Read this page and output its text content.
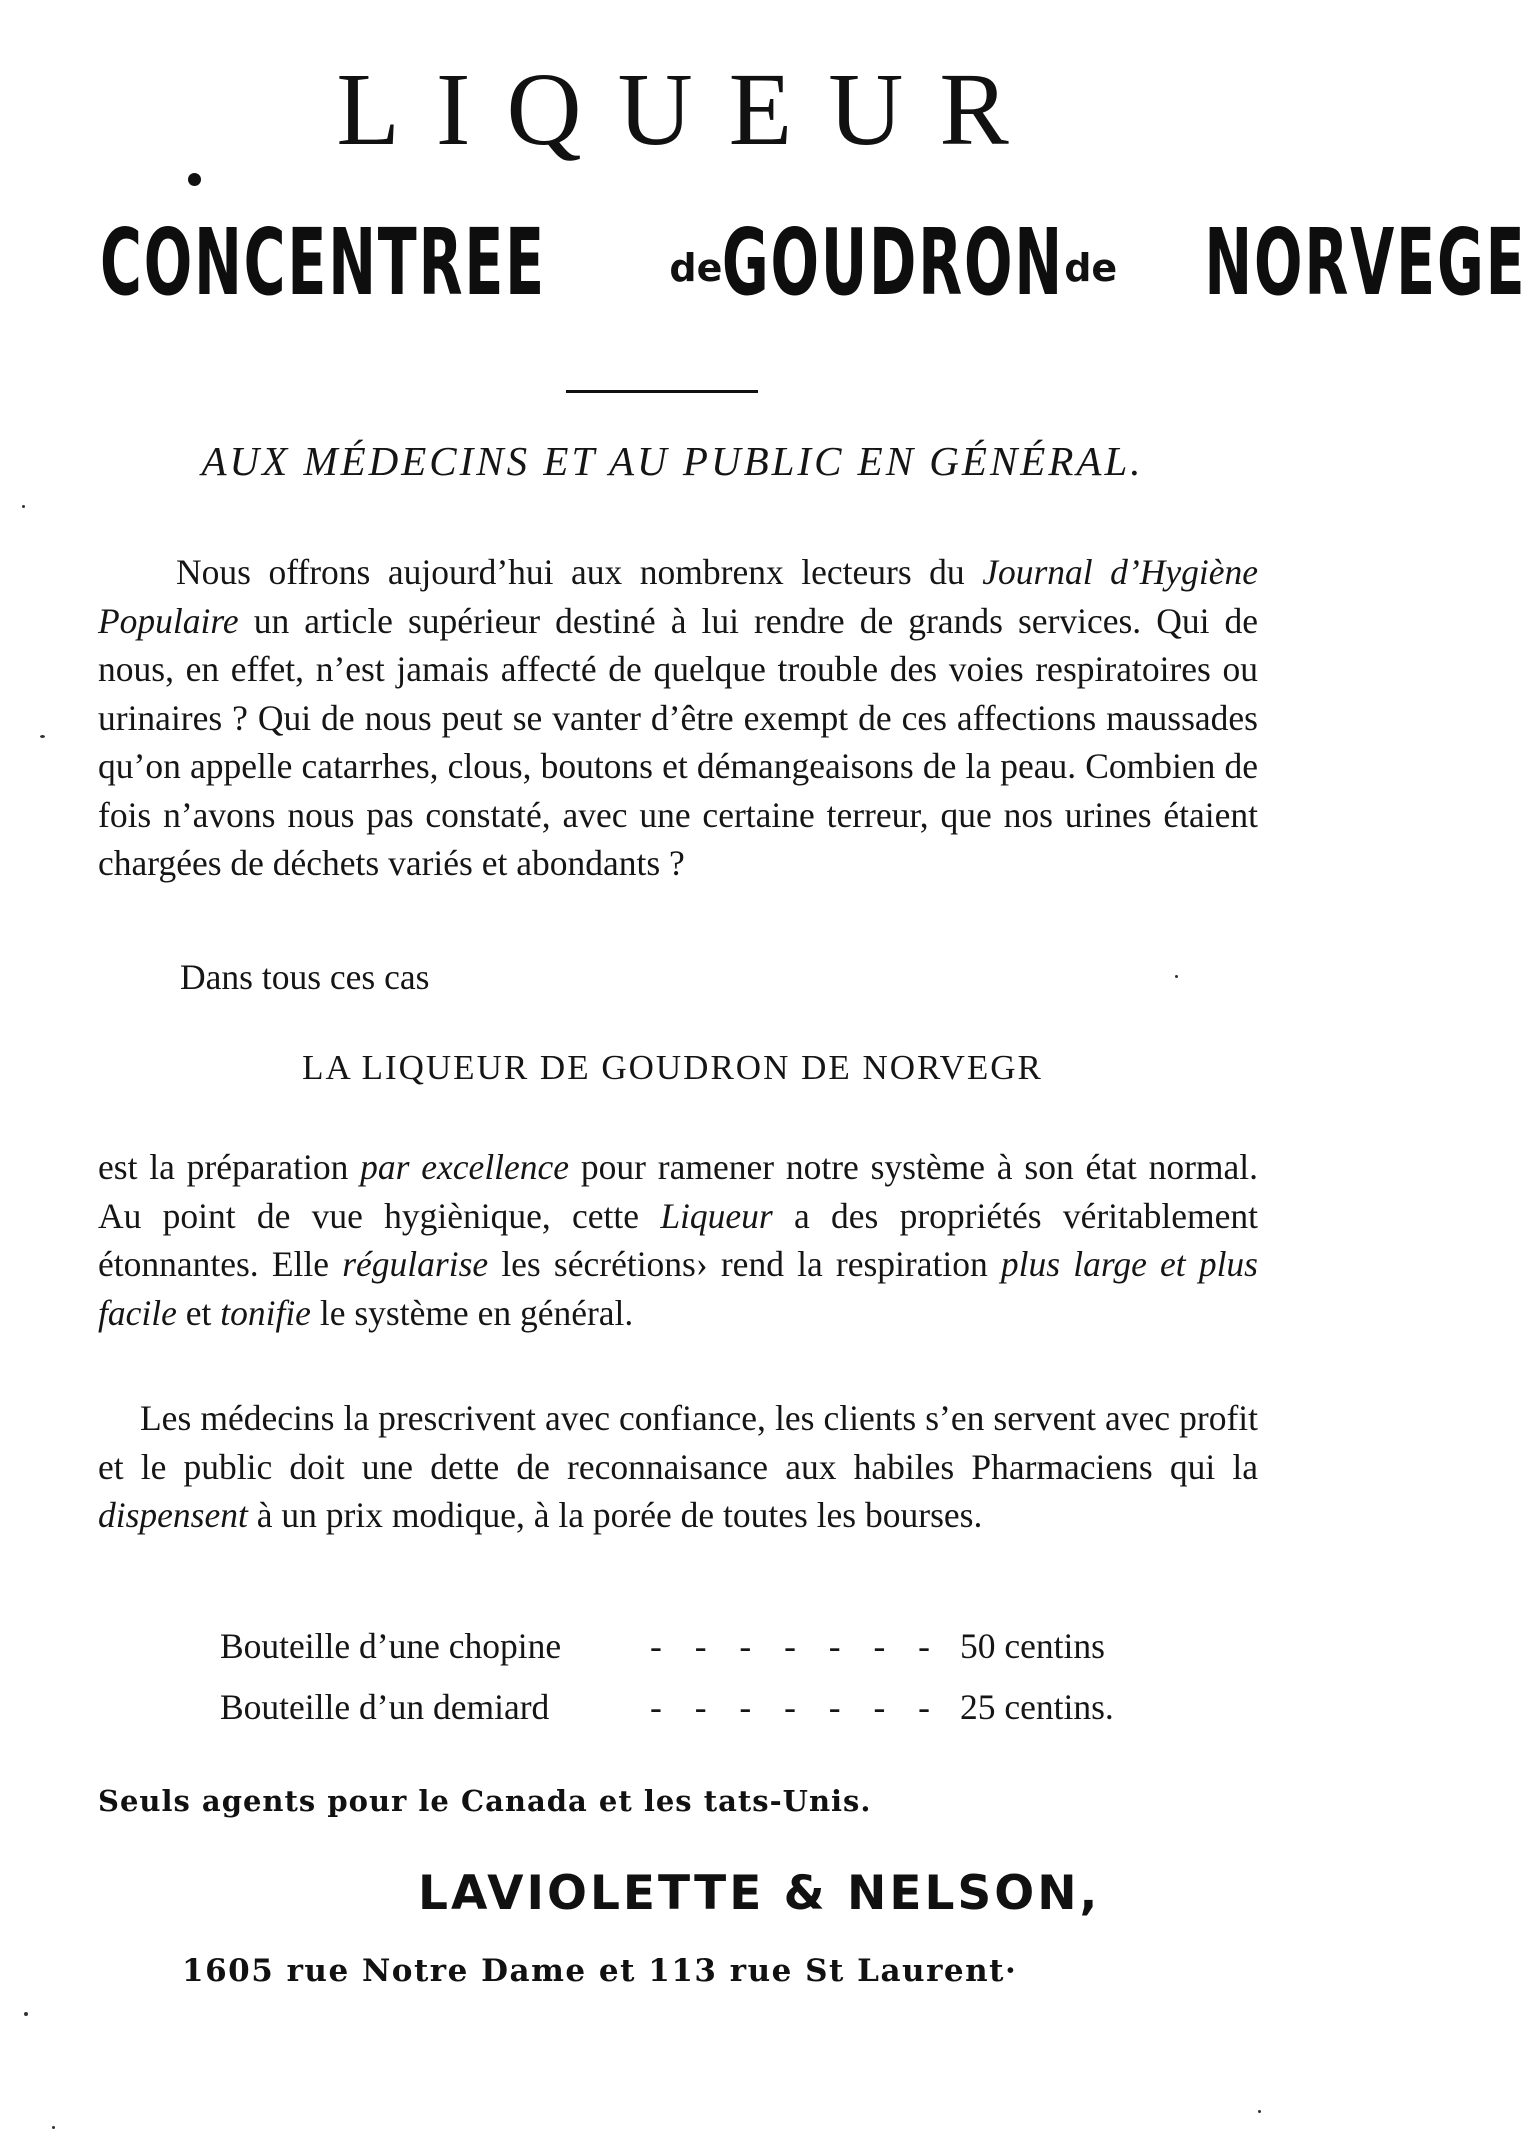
LIQUEUR
CONCENTREE	de GOUDRON de NORVEGE
AUX MÉDECINS ET AU PUBLIC EN GÉNÉRAL.
Nous offrons aujourd’hui aux nombrenx lecteurs du Journal d’Hygiène Populaire un article supérieur destiné à lui rendre de grands services. Qui de nous, en effet, n’est jamais affecté de quelque trouble des voies respiratoires ou urinaires ? Qui de nous peut se vanter d’être exempt de ces affections maussades qu’on appelle catarrhes, clous, boutons et démangeaisons de la peau. Combien de fois n’avons nous pas constaté, avec une certaine terreur, que nos urines étaient chargées de déchets variés et abondants ?
Dans tous ces cas
LA LIQUEUR DE GOUDRON DE NORVEGR
est la préparation par excellence pour ramener notre système à son état normal. Au point de vue hygiènique, cette Liqueur a des propriétés véritablement étonnantes. Elle régularise les sécrétions› rend la respiration plus large et plus facile et tonifie le système en général.
Les médecins la prescrivent avec confiance, les clients s’en servent avec profit et le public doit une dette de reconnaisance aux habiles Pharmaciens qui la dispensent à un prix modique, à la porée de toutes les bourses.
Bouteille d’une chopine	- - - - - - - 50 centins
Bouteille d’un demiard	- - - - - - - 25 centins.
Seuls agents pour le Canada et les tats-Unis.
LAVIOLETTE & NELSON,
1605 rue Notre Dame et 113 rue St Laurent·
